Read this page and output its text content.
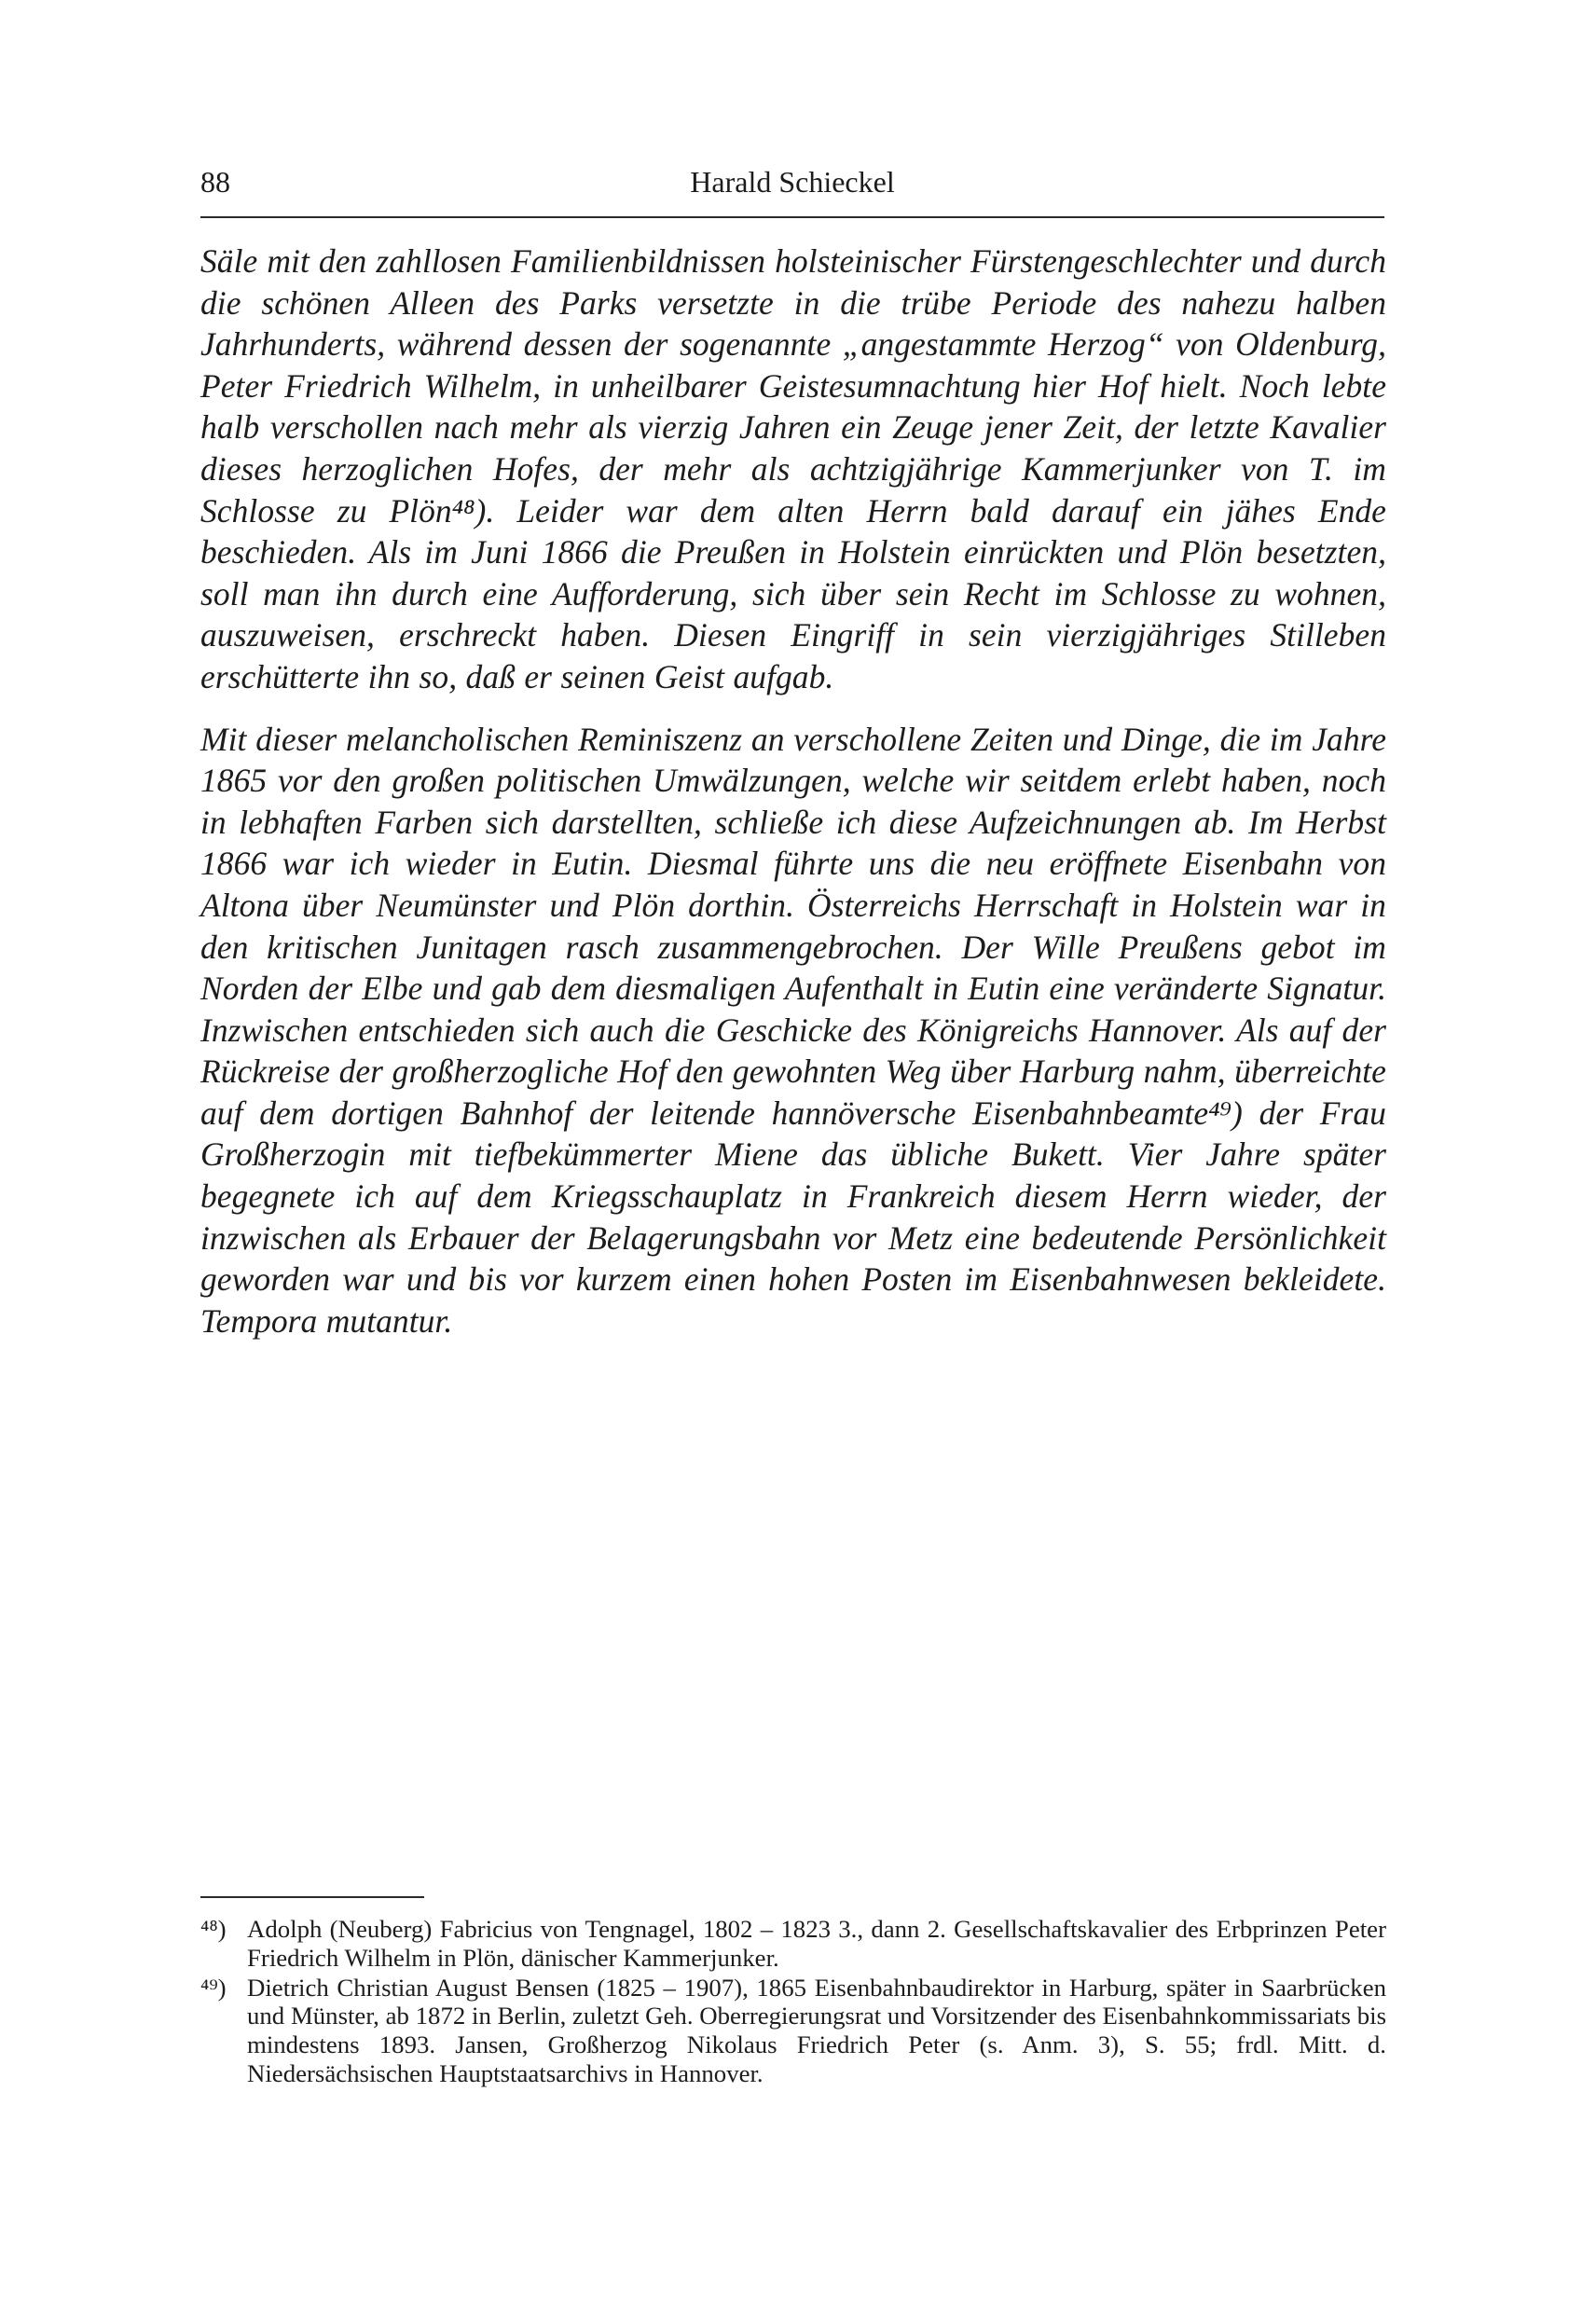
88	Harald Schieckel

Säle mit den zahllosen Familienbildnissen holsteinischer Fürstengeschlechter und durch die schönen Alleen des Parks versetzte in die trübe Periode des nahezu halben Jahrhunderts, während dessen der sogenannte „angestammte Herzog“ von Oldenburg, Peter Friedrich Wilhelm, in unheilbarer Geistesumnachtung hier Hof hielt. Noch lebte halb verschollen nach mehr als vierzig Jahren ein Zeuge jener Zeit, der letzte Kavalier dieses herzoglichen Hofes, der mehr als achtzigjährige Kammerjunker von T. im Schlosse zu Plön⁴⁸). Leider war dem alten Herrn bald darauf ein jähes Ende beschieden. Als im Juni 1866 die Preußen in Holstein einrückten und Plön besetzten, soll man ihn durch eine Aufforderung, sich über sein Recht im Schlosse zu wohnen, auszuweisen, erschreckt haben. Diesen Eingriff in sein vierzigjähriges Stilleben erschütterte ihn so, daß er seinen Geist aufgab.

Mit dieser melancholischen Reminiszenz an verschollene Zeiten und Dinge, die im Jahre 1865 vor den großen politischen Umwälzungen, welche wir seitdem erlebt haben, noch in lebhaften Farben sich darstellten, schließe ich diese Aufzeichnungen ab. Im Herbst 1866 war ich wieder in Eutin. Diesmal führte uns die neu eröffnete Eisenbahn von Altona über Neumünster und Plön dorthin. Österreichs Herrschaft in Holstein war in den kritischen Junitagen rasch zusammengebrochen. Der Wille Preußens gebot im Norden der Elbe und gab dem diesmaligen Aufenthalt in Eutin eine veränderte Signatur. Inzwischen entschieden sich auch die Geschicke des Königreichs Hannover. Als auf der Rückreise der großherzogliche Hof den gewohnten Weg über Harburg nahm, überreichte auf dem dortigen Bahnhof der leitende hannöversche Eisenbahnbeamte⁴⁹) der Frau Großherzogin mit tiefbekümmerter Miene das übliche Bukett. Vier Jahre später begegnete ich auf dem Kriegsschauplatz in Frankreich diesem Herrn wieder, der inzwischen als Erbauer der Belagerungsbahn vor Metz eine bedeutende Persönlichkeit geworden war und bis vor kurzem einen hohen Posten im Eisenbahnwesen bekleidete. Tempora mutantur.

⁴⁸) Adolph (Neuberg) Fabricius von Tengnagel, 1802 – 1823 3., dann 2. Gesellschaftskavalier des Erbprinzen Peter Friedrich Wilhelm in Plön, dänischer Kammerjunker.
⁴⁹) Dietrich Christian August Bensen (1825 – 1907), 1865 Eisenbahnbaudirektor in Harburg, später in Saarbrücken und Münster, ab 1872 in Berlin, zuletzt Geh. Oberregierungsrat und Vorsitzender des Eisenbahnkommissariats bis mindestens 1893. Jansen, Großherzog Nikolaus Friedrich Peter (s. Anm. 3), S. 55; frdl. Mitt. d. Niedersächsischen Hauptstaatsarchivs in Hannover.
